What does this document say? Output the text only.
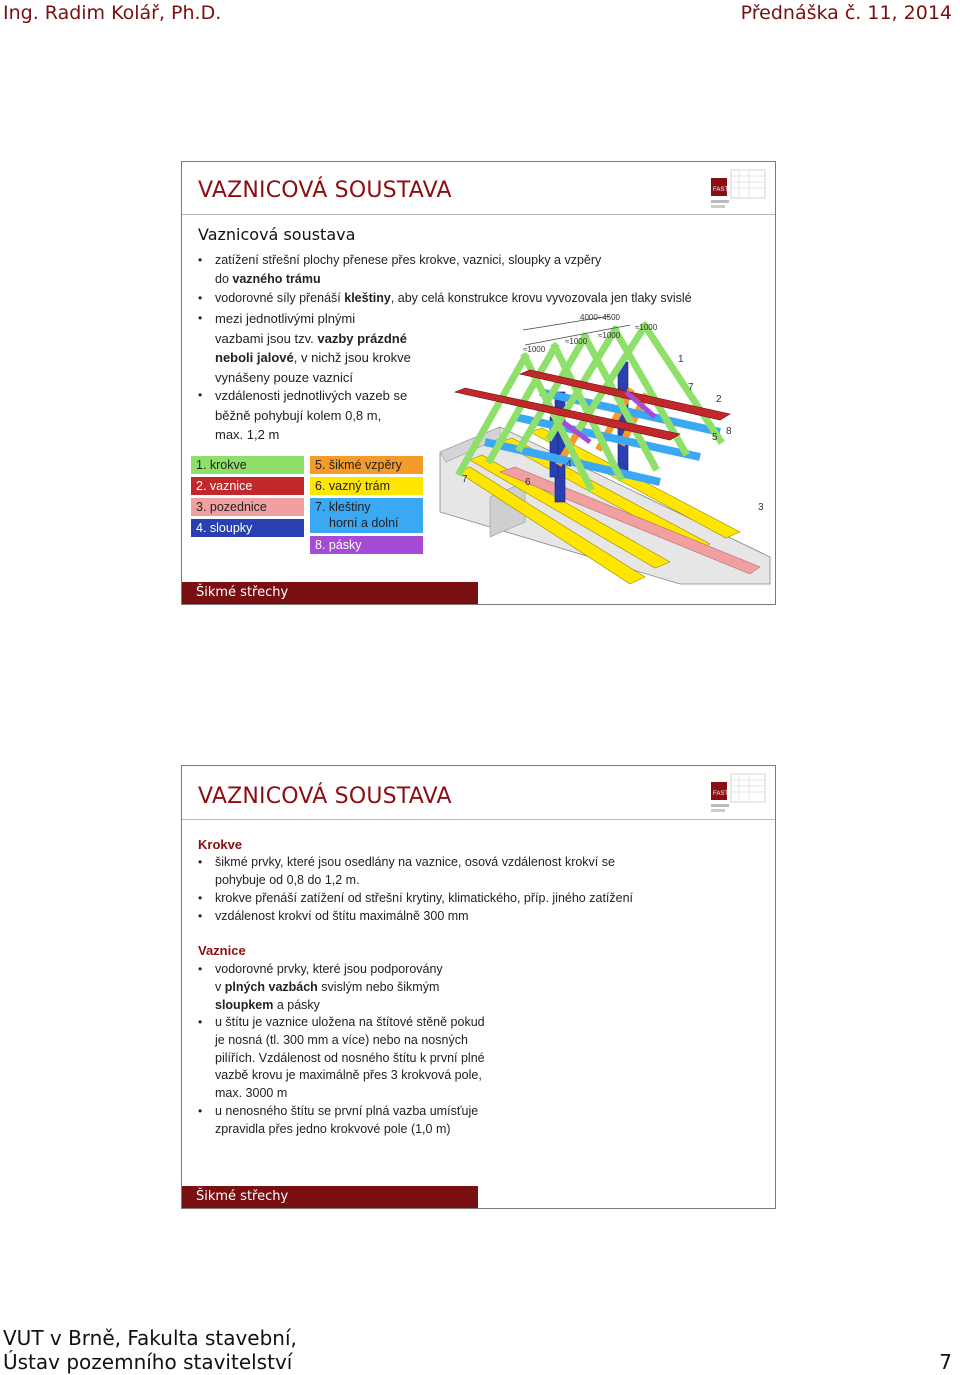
Ing. Radim Kolář, Ph.D.	Přednáška č. 11, 2014
VAZNICOVÁ SOUSTAVA	FAST
Vaznicová soustava
• zatížení střešní plochy přenese přes krokve, vaznici, sloupky a vzpěry
do vazného trámu
• vodorovné síly přenáší kleštiny, aby celá konstrukce krovu vyvozovala jen tlaky svislé
• mezi jednotlivými plnými
vazbami jsou tzv. vazby prázdné
neboli jalové, v nichž jsou krokve
vynášeny pouze vaznicí
• vzdálenosti jednotlivých vazeb se
běžně pohybují kolem 0,8 m,
max. 1,2 m
1. krokve
2. vaznice
3. pozednice
4. sloupky
5. šikmé vzpěry
6. vazný trám
7. kleštiny
horní a dolní
8. pásky
4000÷4500
≈1000
≈1000
≈1000
≈1000
1
7
2
5
8
4
6
7
3
Šikmé střechy
VAZNICOVÁ SOUSTAVA	FAST
Krokve
• šikmé prvky, které jsou osedlány na vaznice, osová vzdálenost krokví se
pohybuje od 0,8 do 1,2 m.
• krokve přenáší zatížení od střešní krytiny, klimatického, příp. jiného zatížení
• vzdálenost krokví od štítu maximálně 300 mm
Vaznice
• vodorovné prvky, které jsou podporovány
v plných vazbách svislým nebo šikmým
sloupkem a pásky
• u štítu je vaznice uložena na štítové stěně pokud
je nosná (tl. 300 mm a více) nebo na nosných
pilířích. Vzdálenost od nosného štítu k první plné
vazbě krovu je maximálně přes 3 krokvová pole,
max. 3000 m
• u nenosného štítu se první plná vazba umísťuje
zpravidla přes jedno krokvové pole (1,0 m)
Šikmé střechy
VUT v Brně, Fakulta stavební,
Ústav pozemního stavitelství	7
